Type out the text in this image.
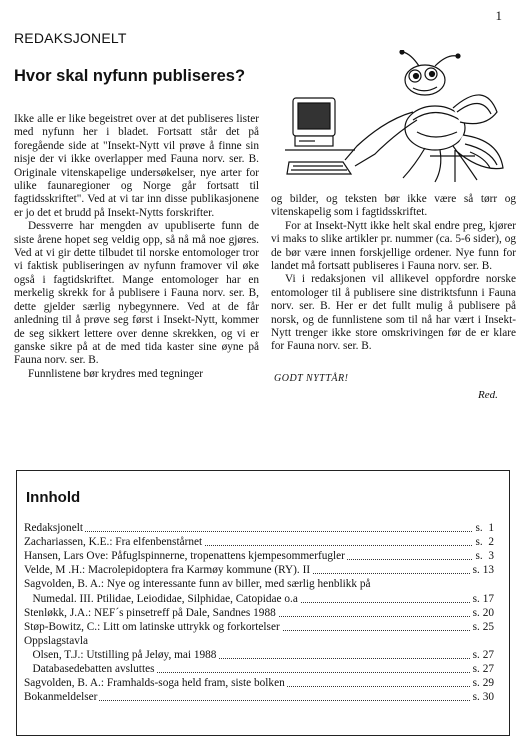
1
REDAKSJONELT
Hvor skal nyfunn publiseres?

Ikke alle er like begeistret over at det publiseres lister med nyfunn her i bladet. Fortsatt står det på foregående side at "Insekt-Nytt vil prøve å finne sin nisje der vi ikke overlapper med Fauna norv. ser. B. Originale vitenskapelige undersøkelser, nye arter for ulike faunaregioner og Norge går fortsatt til fagtidsskriftet". Ved at vi tar inn disse publikasjonene er jo det et brudd på Insekt-Nytts forskrifter.

Dessverre har mengden av upubliserte funn de siste årene hopet seg veldig opp, så nå må noe gjøres. Ved at vi gir dette tilbudet til norske entomologer tror vi faktisk publiseringen av nyfunn framover vil øke også i fagtidskriftet. Mange entomologer har en merkelig skrekk for å publisere i Fauna norv. ser. B, dette gjelder særlig nybegynnere. Ved at de får anledning til å prøve seg først i Insekt-Nytt, kommer de seg sikkert lettere over denne skrekken, og vi er ganske sikre på at de med tida kaster sine øyne på Fauna norv. ser. B.

Funnlistene bør krydres med tegninger

og bilder, og teksten bør ikke være så tørr og vitenskapelig som i fagtidsskriftet.

For at Insekt-Nytt ikke helt skal endre preg, kjører vi maks to slike artikler pr. nummer (ca. 5-6 sider), og de bør være innen forskjellige ordener. Nye funn for landet må fortsatt publiseres i Fauna norv. ser. B.

Vi i redaksjonen vil allikevel oppfordre norske entomologer til å publisere sine distriktsfunn i Fauna norv. ser. B. Her er det fullt mulig å publisere på norsk, og de funnlistene som til nå har vært i Insekt-Nytt trenger ikke store omskrivingen før de er klare for Fauna norv. ser. B.

GODT NYTTÅR!
Red.
Innhold
Redaksjonelt	s.  1
Zachariassen, K.E.: Fra elfenbenstårnet	s.  2
Hansen, Lars Ove: Påfuglspinnerne, tropenattens kjempesommerfugler	s.  3
Velde, M .H.: Macrolepidoptera fra Karmøy kommune (RY). II	s. 13
Sagvolden, B. A.: Nye og interessante funn av biller, med særlig henblikk på
Numedal. III. Ptilidae, Leiodidae, Silphidae, Catopidae o.a	s. 17
Stenløkk, J.A.: NEF´s pinsetreff på Dale, Sandnes 1988	s. 20
Støp-Bowitz, C.: Litt om latinske uttrykk og forkortelser	s. 25
Oppslagstavla
Olsen, T.J.: Utstilling på Jeløy, mai 1988	s. 27
Databasedebatten avsluttes	s. 27
Sagvolden, B. A.: Framhalds-soga held fram, siste bolken	s. 29
Bokanmeldelser	s. 30
